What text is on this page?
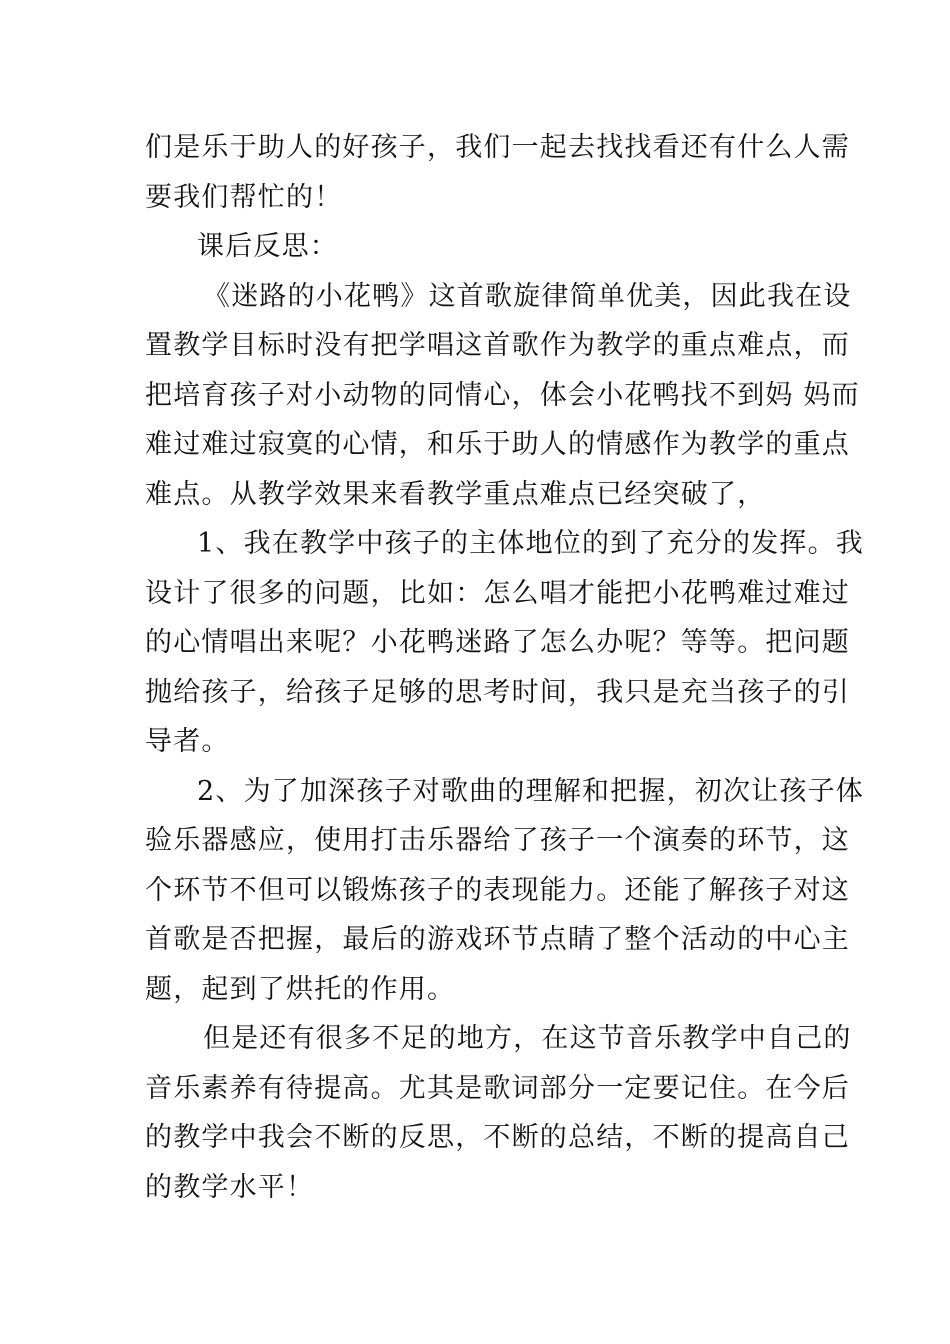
们是乐于助人的好孩子，我们一起去找找看还有什么人需
要我们帮忙的！
课后反思：
《迷路的小花鸭》这首歌旋律简单优美，因此我在设
置教学目标时没有把学唱这首歌作为教学的重点难点，而
把培育孩子对小动物的同情心，体会小花鸭找不到妈 妈而
难过难过寂寞的心情，和乐于助人的情感作为教学的重点
难点。从教学效果来看教学重点难点已经突破了，
1、我在教学中孩子的主体地位的到了充分的发挥。我
设计了很多的问题，比如：怎么唱才能把小花鸭难过难过
的心情唱出来呢？小花鸭迷路了怎么办呢？等等。把问题
抛给孩子，给孩子足够的思考时间，我只是充当孩子的引
导者。
2、为了加深孩子对歌曲的理解和把握，初次让孩子体
验乐器感应，使用打击乐器给了孩子一个演奏的环节，这
个环节不但可以锻炼孩子的表现能力。还能了解孩子对这
首歌是否把握，最后的游戏环节点睛了整个活动的中心主
题，起到了烘托的作用。
但是还有很多不足的地方，在这节音乐教学中自己的
音乐素养有待提高。尤其是歌词部分一定要记住。在今后
的教学中我会不断的反思，不断的总结，不断的提高自己
的教学水平！
